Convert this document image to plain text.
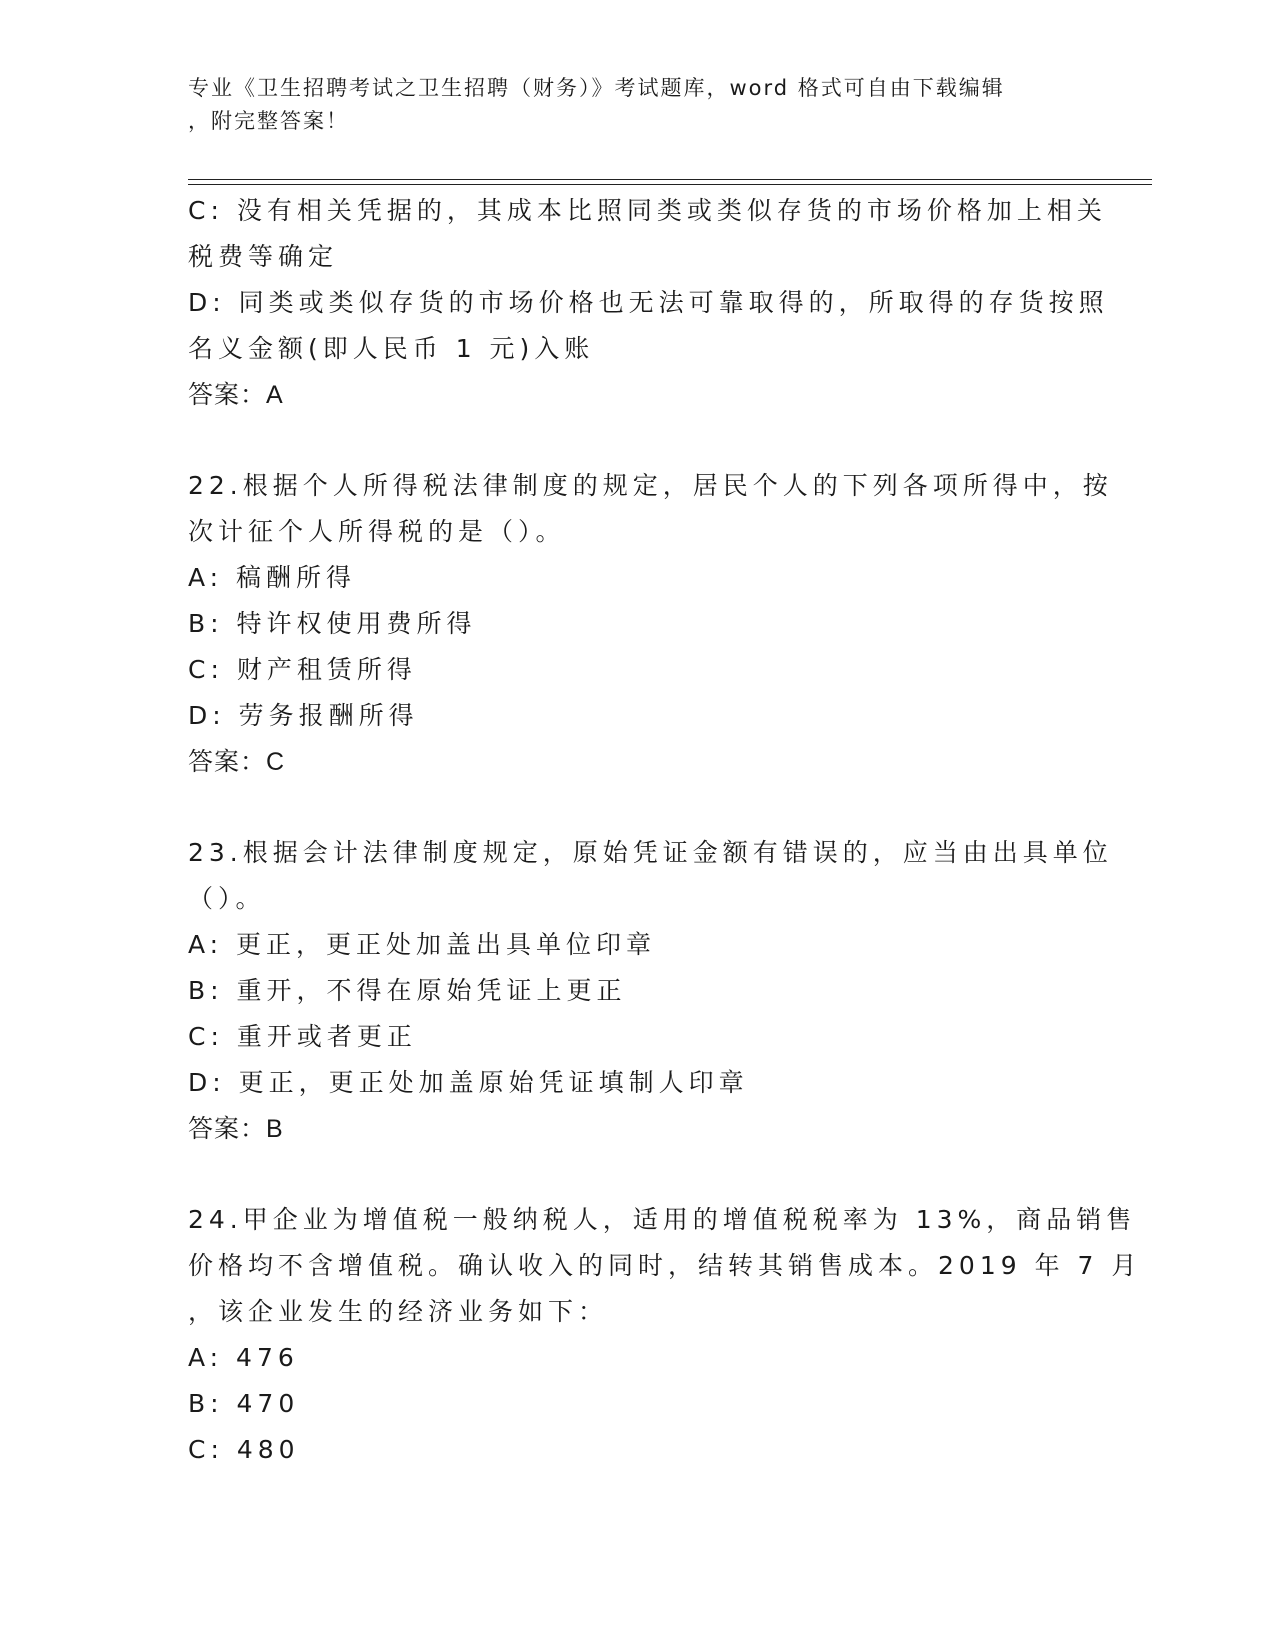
专业《卫生招聘考试之卫生招聘（财务）》考试题库，word 格式可自由下载编辑
，附完整答案！
C: 没有相关凭据的，其成本比照同类或类似存货的市场价格加上相关
税费等确定
D: 同类或类似存货的市场价格也无法可靠取得的，所取得的存货按照
名义金额(即人民币 1 元)入账
答案：A
22.根据个人所得税法律制度的规定，居民个人的下列各项所得中，按
次计征个人所得税的是（）。
A: 稿酬所得
B: 特许权使用费所得
C: 财产租赁所得
D: 劳务报酬所得
答案：C
23.根据会计法律制度规定，原始凭证金额有错误的，应当由出具单位
（）。
A: 更正，更正处加盖出具单位印章
B: 重开，不得在原始凭证上更正
C: 重开或者更正
D: 更正，更正处加盖原始凭证填制人印章
答案：B
24.甲企业为增值税一般纳税人，适用的增值税税率为 13%，商品销售
价格均不含增值税。确认收入的同时，结转其销售成本。2019 年 7 月
，该企业发生的经济业务如下：
A: 476
B: 470
C: 480
